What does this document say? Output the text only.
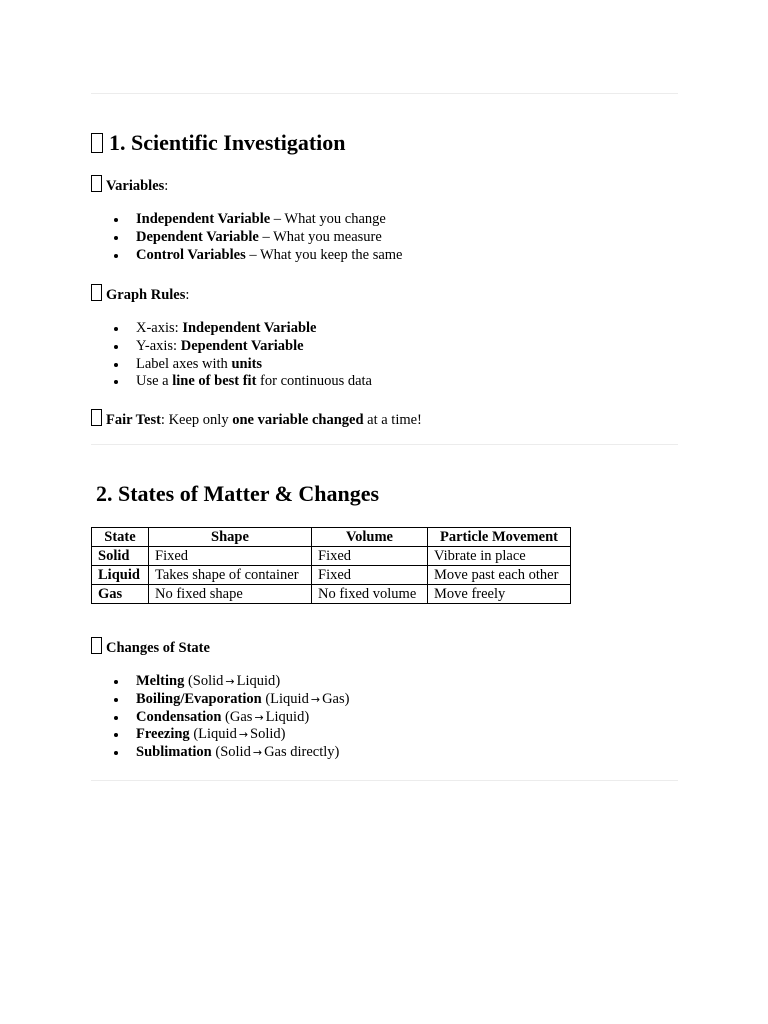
1. Scientific Investigation

Variables:

Independent Variable – What you change
Dependent Variable – What you measure
Control Variables – What you keep the same

Graph Rules:

X-axis: Independent Variable
Y-axis: Dependent Variable
Label axes with units
Use a line of best fit for continuous data

Fair Test: Keep only one variable changed at a time!

2. States of Matter & Changes
State	Shape	Volume	Particle Movement
Solid	Fixed	Fixed	Vibrate in place
Liquid	Takes shape of container	Fixed	Move past each other
Gas	No fixed shape	No fixed volume	Move freely

Changes of State

Melting (Solid → Liquid)
Boiling/Evaporation (Liquid → Gas)
Condensation (Gas → Liquid)
Freezing (Liquid → Solid)
Sublimation (Solid → Gas directly)
